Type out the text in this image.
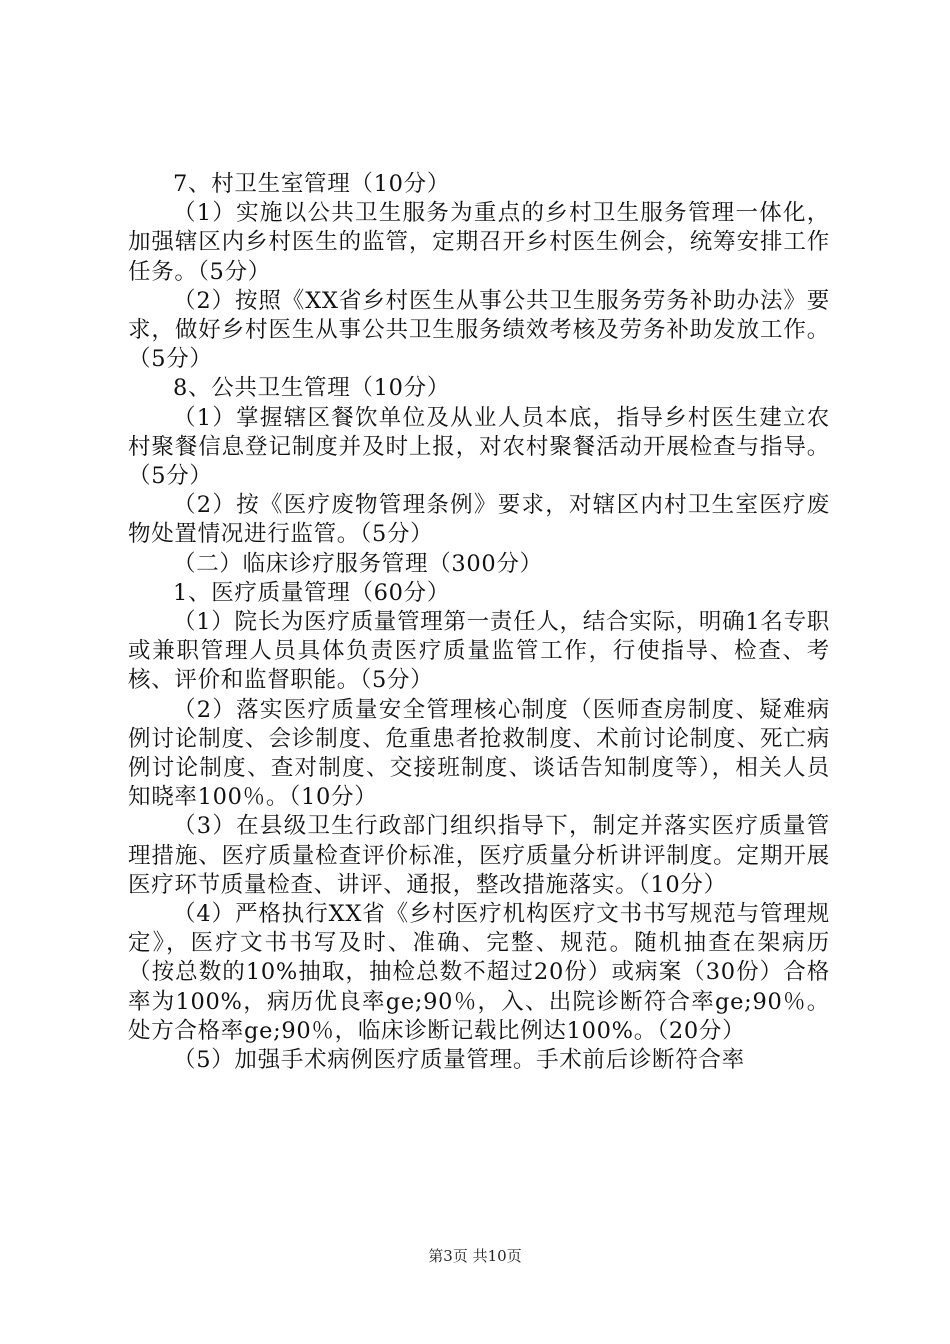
7、村卫生室管理（10分）

（1）实施以公共卫生服务为重点的乡村卫生服务管理一体化，加强辖区内乡村医生的监管，定期召开乡村医生例会，统筹安排工作任务。（5分）

（2）按照《XX省乡村医生从事公共卫生服务劳务补助办法》要求，做好乡村医生从事公共卫生服务绩效考核及劳务补助发放工作。（5分）

8、公共卫生管理（10分）

（1）掌握辖区餐饮单位及从业人员本底，指导乡村医生建立农村聚餐信息登记制度并及时上报，对农村聚餐活动开展检查与指导。（5分）

（2）按《医疗废物管理条例》要求，对辖区内村卫生室医疗废物处置情况进行监管。（5分）

（二）临床诊疗服务管理（300分）

1、医疗质量管理（60分）

（1）院长为医疗质量管理第一责任人，结合实际，明确1名专职或兼职管理人员具体负责医疗质量监管工作，行使指导、检查、考核、评价和监督职能。（5分）

（2）落实医疗质量安全管理核心制度（医师查房制度、疑难病例讨论制度、会诊制度、危重患者抢救制度、术前讨论制度、死亡病例讨论制度、查对制度、交接班制度、谈话告知制度等），相关人员知晓率100％。（10分）

（3）在县级卫生行政部门组织指导下，制定并落实医疗质量管理措施、医疗质量检查评价标准，医疗质量分析讲评制度。定期开展医疗环节质量检查、讲评、通报，整改措施落实。（10分）

（4）严格执行XX省《乡村医疗机构医疗文书书写规范与管理规定》，医疗文书书写及时、准确、完整、规范。随机抽查在架病历（按总数的10%抽取，抽检总数不超过20份）或病案（30份）合格率为100%，病历优良率ge;90％，入、出院诊断符合率ge;90％。处方合格率ge;90％，临床诊断记载比例达100%。（20分）

（5）加强手术病例医疗质量管理。手术前后诊断符合率

第3页 共10页
